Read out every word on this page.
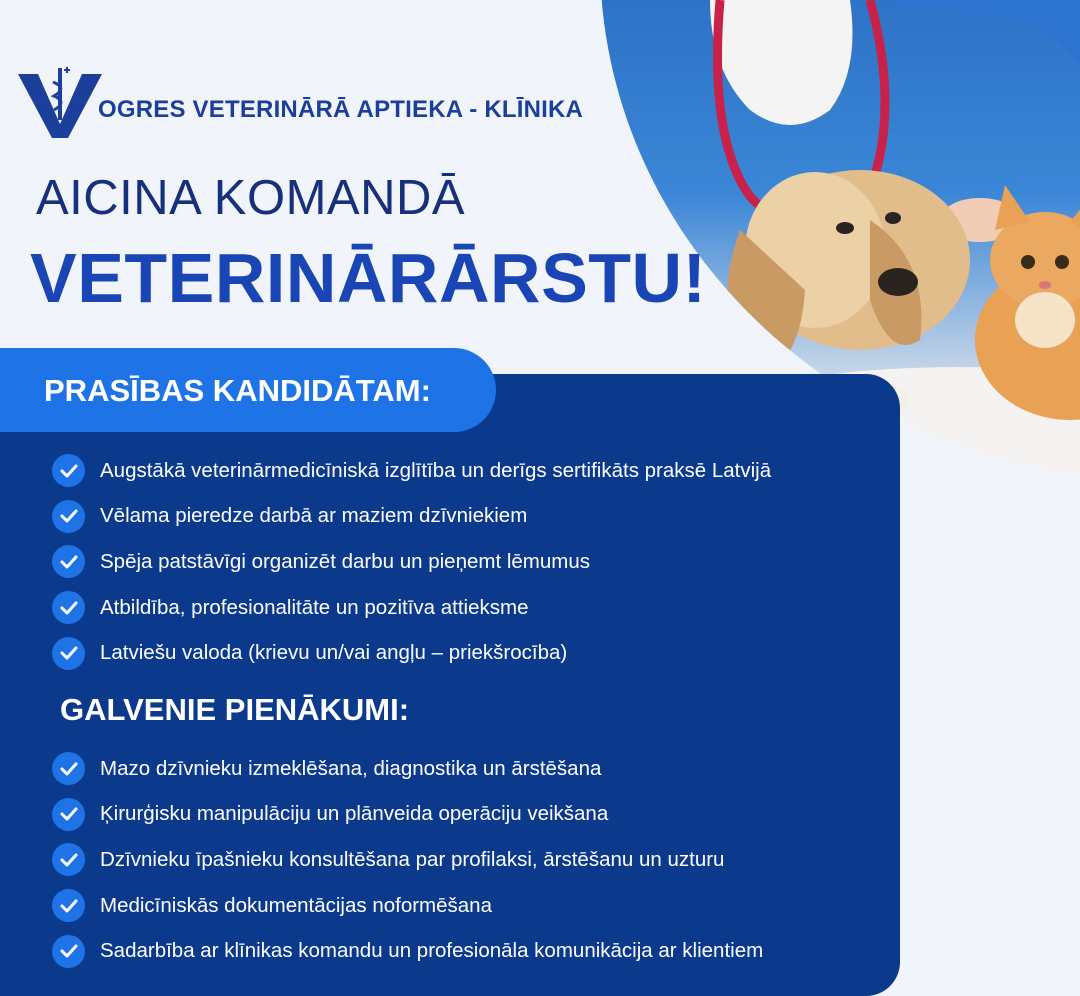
OGRES VETERINĀRĀ APTIEKA - KLĪNIKA
AICINA KOMANDĀ
VETERINĀRĀRSTU!
PRASĪBAS KANDIDĀTAM:
Augstākā veterinārmedicīniskā izglītība un derīgs sertifikāts praksē Latvijā
Vēlama pieredze darbā ar maziem dzīvniekiem
Spēja patstāvīgi organizēt darbu un pieņemt lēmumus
Atbildība, profesionalitāte un pozitīva attieksme
Latviešu valoda (krievu un/vai angļu – priekšrocība)
GALVENIE PIENĀKUMI:
Mazo dzīvnieku izmeklēšana, diagnostika un ārstēšana
Ķirurģisku manipulāciju un plānveida operāciju veikšana
Dzīvnieku īpašnieku konsultēšana par profilaksi, ārstēšanu un uzturu
Medicīniskās dokumentācijas noformēšana
Sadarbība ar klīnikas komandu un profesionāla komunikācija ar klientiem
